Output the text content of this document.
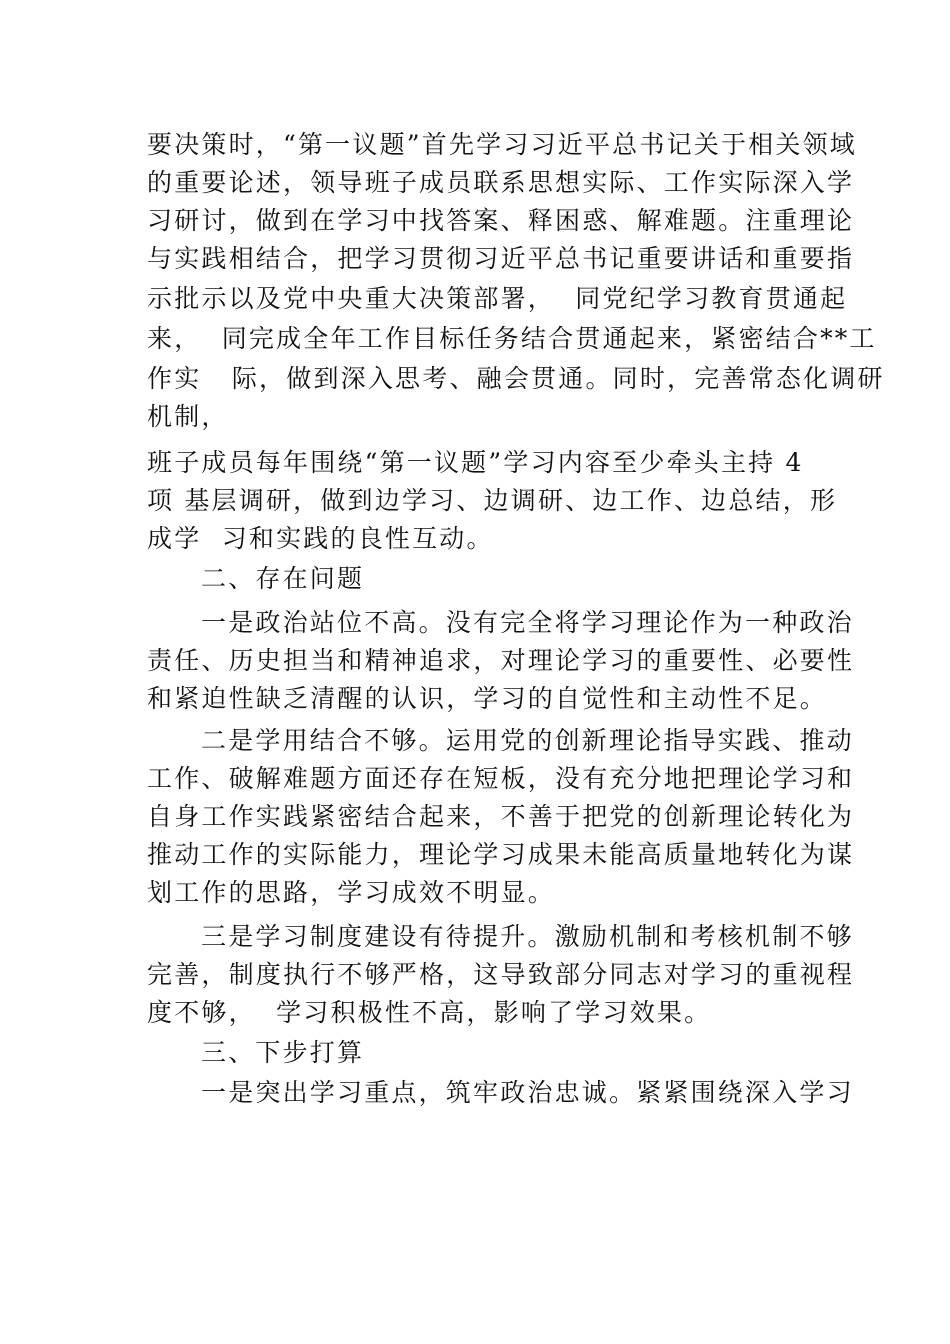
要决策时，“第一议题”首先学习习近平总书记关于相关领域
的重要论述，领导班子成员联系思想实际、工作实际深入学
习研讨，做到在学习中找答案、释困惑、解难题。注重理论
与实践相结合，把学习贯彻习近平总书记重要讲话和重要指
示批示以及党中央重大决策部署，  同党纪学习教育贯通起
来，  同完成全年工作目标任务结合贯通起来，紧密结合**工
作实   际，做到深入思考、融会贯通。同时，完善常态化调研
机制，
班子成员每年围绕“第一议题”学习内容至少牵头主持 4
项 基层调研，做到边学习、边调研、边工作、边总结，形
成学  习和实践的良性互动。
二、存在问题
一是政治站位不高。没有完全将学习理论作为一种政治
责任、历史担当和精神追求，对理论学习的重要性、必要性
和紧迫性缺乏清醒的认识，学习的自觉性和主动性不足。
二是学用结合不够。运用党的创新理论指导实践、推动
工作、破解难题方面还存在短板，没有充分地把理论学习和
自身工作实践紧密结合起来，不善于把党的创新理论转化为
推动工作的实际能力，理论学习成果未能高质量地转化为谋
划工作的思路，学习成效不明显。
三是学习制度建设有待提升。激励机制和考核机制不够
完善，制度执行不够严格，这导致部分同志对学习的重视程
度不够，  学习积极性不高，影响了学习效果。
三、下步打算
一是突出学习重点，筑牢政治忠诚。紧紧围绕深入学习
